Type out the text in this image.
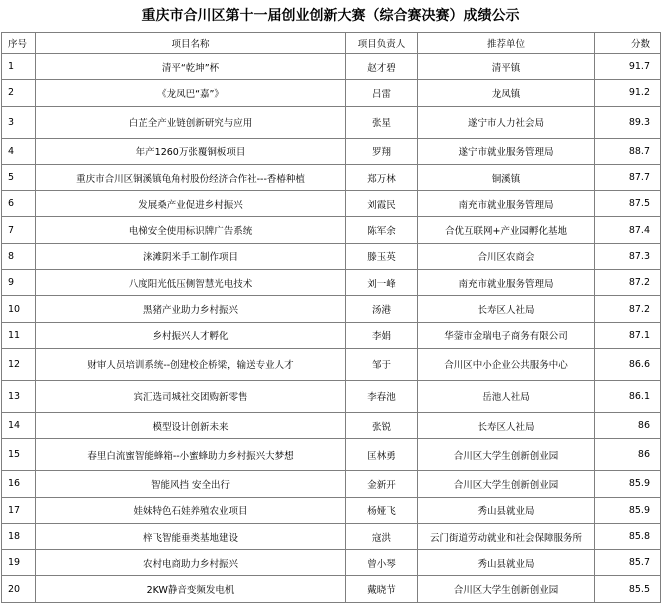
重庆市合川区第十一届创业创新大赛（综合赛决赛）成绩公示
序号	项目名称	项目负责人	推荐单位	分数
1	清平“乾坤”杯	赵才碧	清平镇	91.7
2	《龙凤巴“嘉”》	吕雷	龙凤镇	91.2
3	白芷全产业链创新研究与应用	张星	遂宁市人力社会局	89.3
4	年产1260万张覆铜板项目	罗翔	遂宁市就业服务管理局	88.7
5	重庆市合川区铜溪镇龟角村股份经济合作社---香椿种植	郑万林	铜溪镇	87.7
6	发展桑产业促进乡村振兴	刘霞民	南充市就业服务管理局	87.5
7	电梯安全使用标识牌广告系统	陈军余	合优互联网+产业园孵化基地	87.4
8	涞滩阴米手工制作项目	滕玉英	合川区农商会	87.3
9	八度阳光低压侧智慧光电技术	刘一峰	南充市就业服务管理局	87.2
10	黑猪产业助力乡村振兴	汤港	长寿区人社局	87.2
11	乡村振兴人才孵化	李娟	华蓥市金瑞电子商务有限公司	87.1
12	财审人员培训系统--创建校企桥梁，输送专业人才	邹于	合川区中小企业公共服务中心	86.6
13	宾汇选司城社交团购新零售	李春池	岳池人社局	86.1
14	模型设计创新未来	张锐	长寿区人社局	86
15	春里白流蜜智能蜂箱--小蜜蜂助力乡村振兴大梦想	匡林勇	合川区大学生创新创业园	86
16	智能风挡 安全出行	金新开	合川区大学生创新创业园	85.9
17	娃妹特色石娃养殖农业项目	杨娅飞	秀山县就业局	85.9
18	梓飞智能垂类基地建设	寇洪	云门街道劳动就业和社会保障服务所	85.8
19	农村电商助力乡村振兴	曾小琴	秀山县就业局	85.7
20	2KW静音变频发电机	戴晓节	合川区大学生创新创业园	85.5
